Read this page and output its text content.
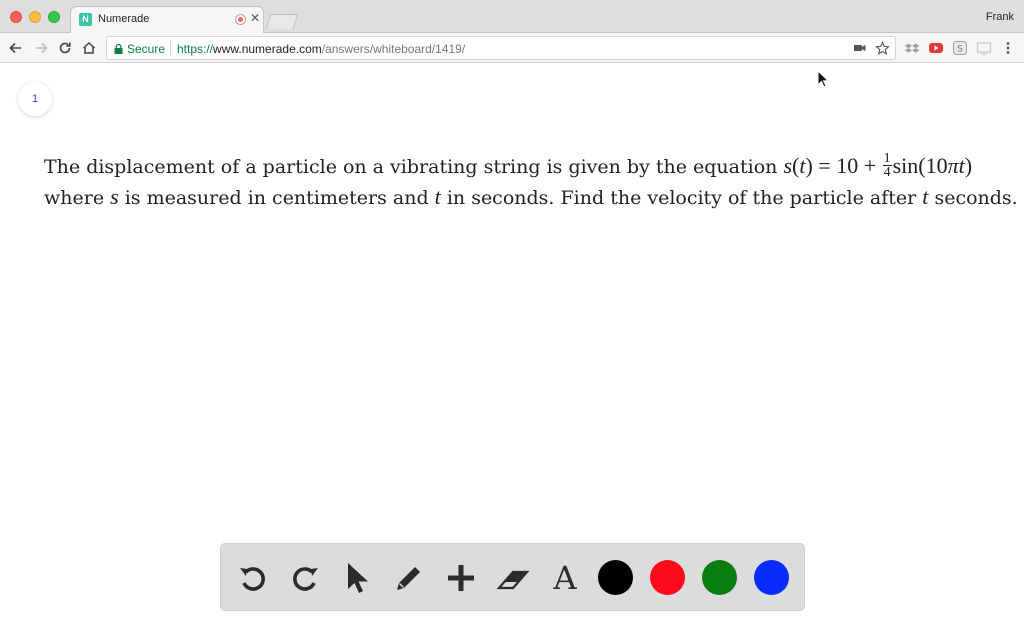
N Numerade	✕	Frank
Secure https://www.numerade.com/answers/whiteboard/1419/	S
1
The displacement of a particle on a vibrating string is given by the equation $s(t) = 10 + \frac{1}{4} \sin(10\pi t)$
where s is measured in centimeters and t in seconds. Find the velocity of the particle after t seconds.
A
